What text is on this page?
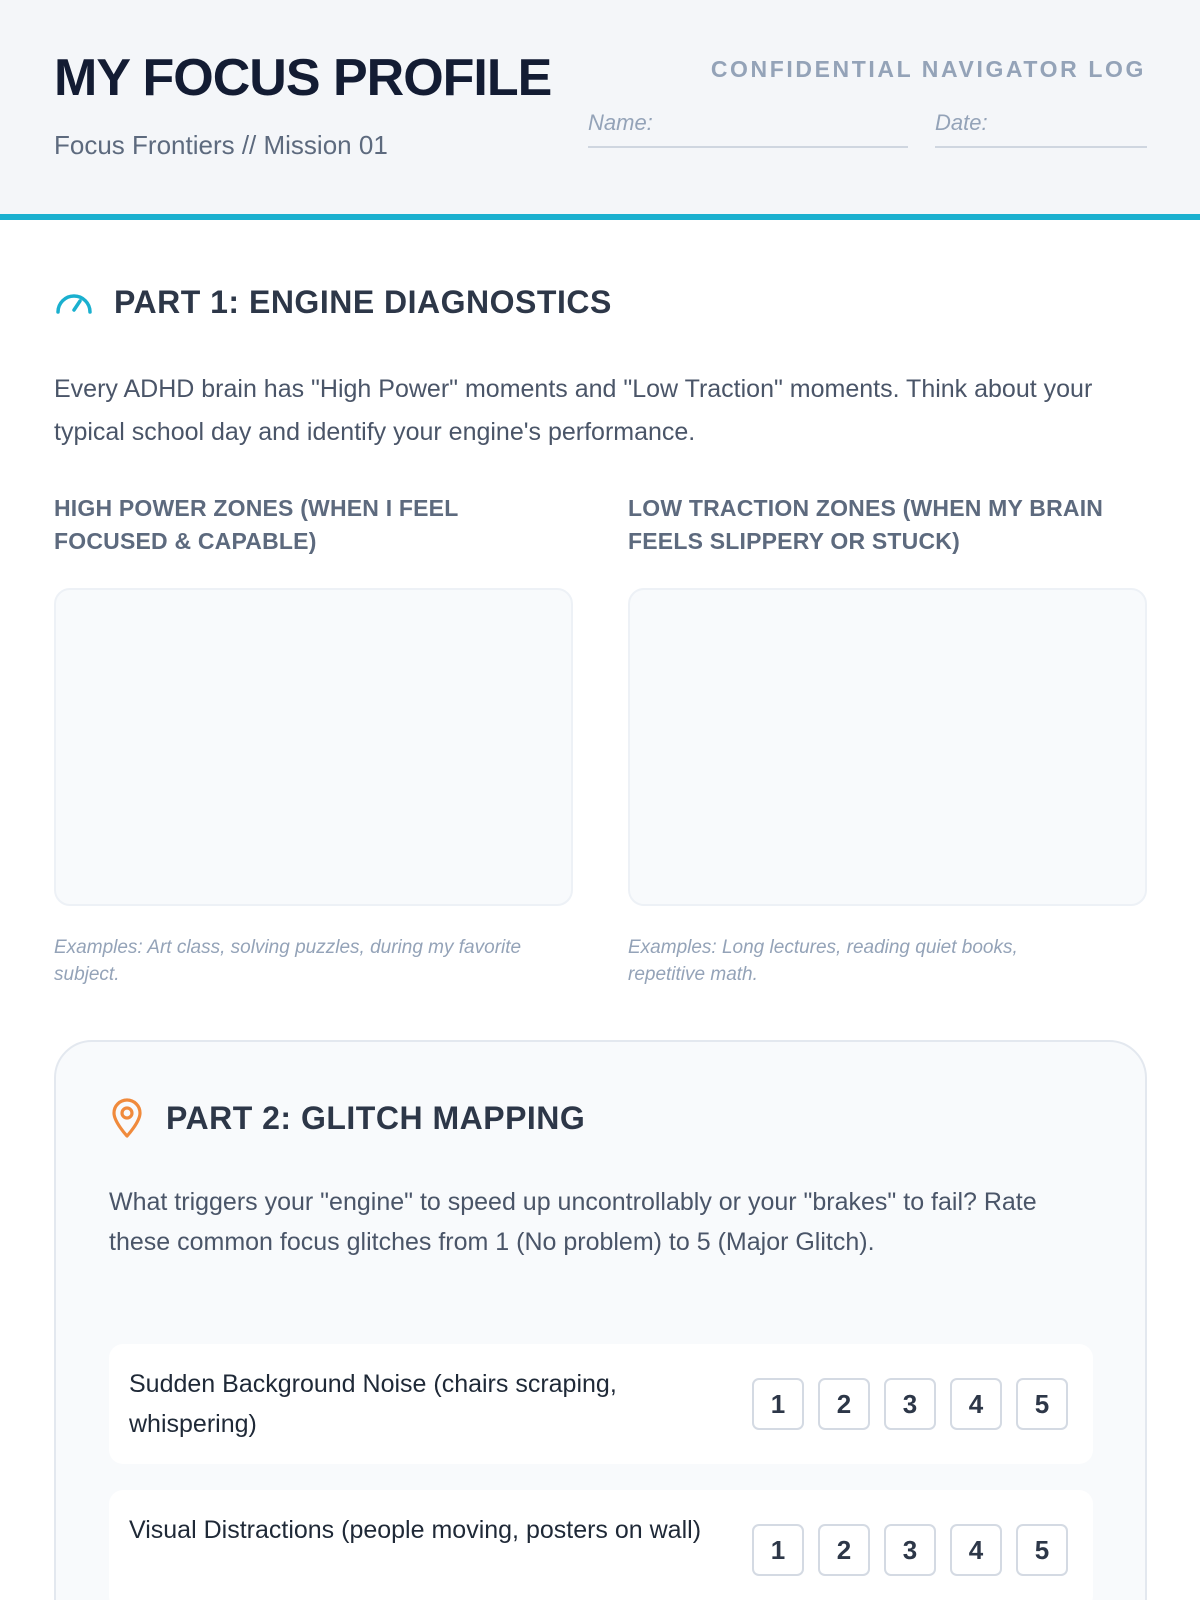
MY FOCUS PROFILE
Focus Frontiers // Mission 01
CONFIDENTIAL NAVIGATOR LOG
Name:	Date:
PART 1: ENGINE DIAGNOSTICS

Every ADHD brain has "High Power" moments and "Low Traction" moments. Think about your typical school day and identify your engine's performance.

HIGH POWER ZONES (WHEN I FEEL FOCUSED & CAPABLE)
LOW TRACTION ZONES (WHEN MY BRAIN FEELS SLIPPERY OR STUCK)
Examples: Art class, solving puzzles, during my favorite subject.
Examples: Long lectures, reading quiet books, repetitive math.
PART 2: GLITCH MAPPING

What triggers your "engine" to speed up uncontrollably or your "brakes" to fail? Rate these common focus glitches from 1 (No problem) to 5 (Major Glitch).

Sudden Background Noise (chairs scraping, whispering)
1	2	3	4	5
Visual Distractions (people moving, posters on wall)
1	2	3	4	5
